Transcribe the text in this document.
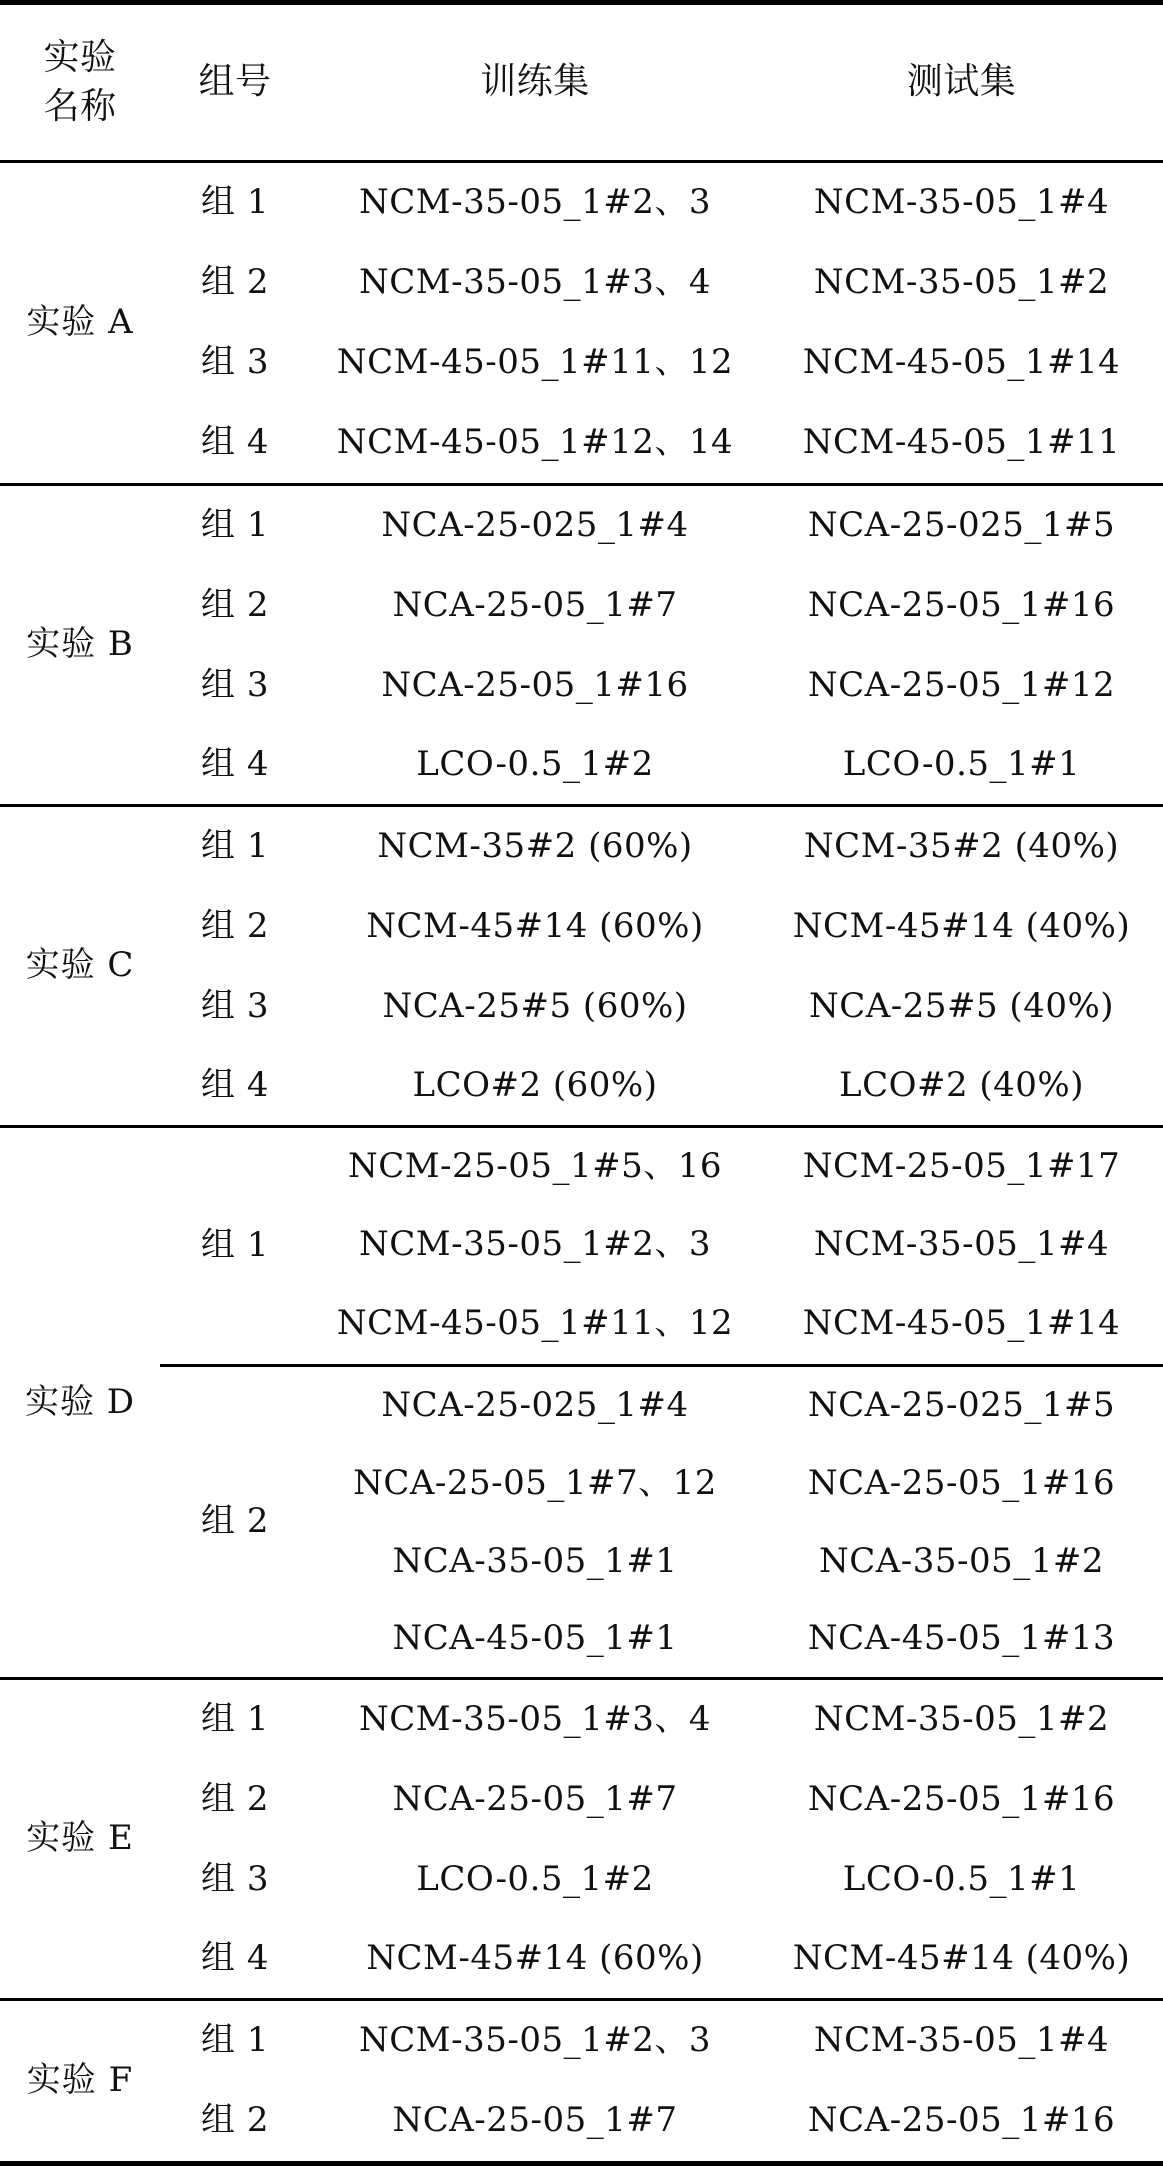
实验
名称
组号	训练集	测试集
实验 A
组 1	NCM-35-05_1#2、3	NCM-35-05_1#4
组 2	NCM-35-05_1#3、4	NCM-35-05_1#2
组 3	NCM-45-05_1#11、12	NCM-45-05_1#14
组 4	NCM-45-05_1#12、14	NCM-45-05_1#11
实验 B
组 1	NCA-25-025_1#4	NCA-25-025_1#5
组 2	NCA-25-05_1#7	NCA-25-05_1#16
组 3	NCA-25-05_1#16	NCA-25-05_1#12
组 4	LCO-0.5_1#2	LCO-0.5_1#1
实验 C
组 1	NCM-35#2 (60%)	NCM-35#2 (40%)
组 2	NCM-45#14 (60%)	NCM-45#14 (40%)
组 3	NCA-25#5 (60%)	NCA-25#5 (40%)
组 4	LCO#2 (60%)	LCO#2 (40%)
实验 D
组 1
NCM-25-05_1#5、16	NCM-25-05_1#17
NCM-35-05_1#2、3	NCM-35-05_1#4
NCM-45-05_1#11、12	NCM-45-05_1#14
组 2
NCA-25-025_1#4	NCA-25-025_1#5
NCA-25-05_1#7、12	NCA-25-05_1#16
NCA-35-05_1#1	NCA-35-05_1#2
NCA-45-05_1#1	NCA-45-05_1#13
实验 E
组 1	NCM-35-05_1#3、4	NCM-35-05_1#2
组 2	NCA-25-05_1#7	NCA-25-05_1#16
组 3	LCO-0.5_1#2	LCO-0.5_1#1
组 4	NCM-45#14 (60%)	NCM-45#14 (40%)
实验 F
组 1	NCM-35-05_1#2、3	NCM-35-05_1#4
组 2	NCA-25-05_1#7	NCA-25-05_1#16
